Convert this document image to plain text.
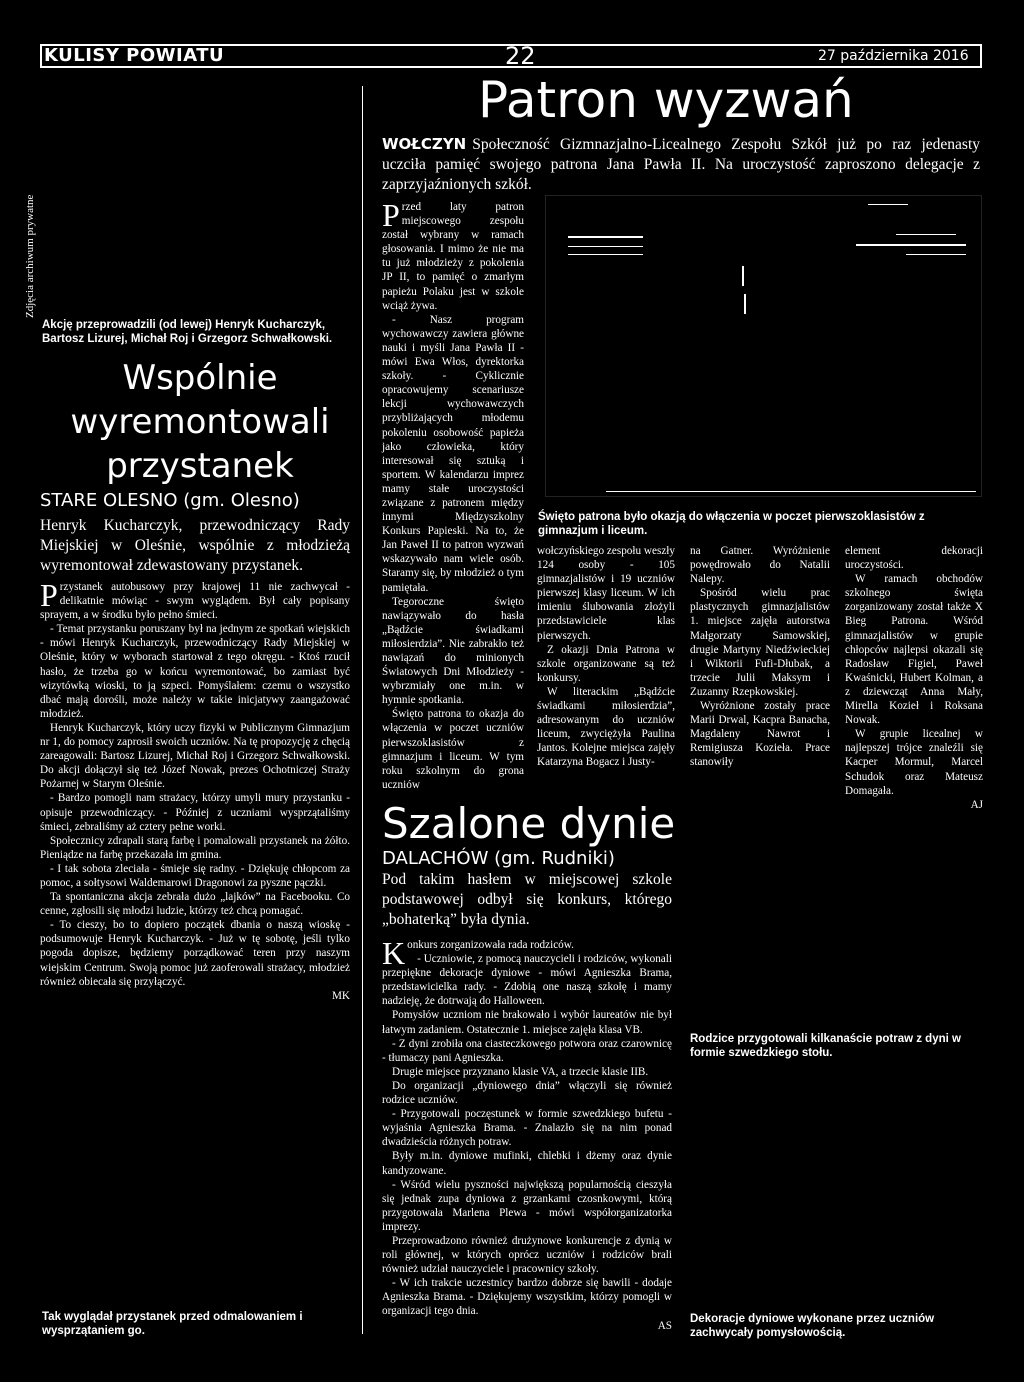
KULISY POWIATU	22	27 października 2016
Zdjęcia archiwum prywatne
Akcję przeprowadzili (od lewej) Henryk Kucharczyk, Bartosz Lizurej, Michał Roj i Grzegorz Schwałkowski.
Wspólnie wyremontowali przystanek
STARE OLESNO (gm. Olesno)
Henryk Kucharczyk, przewodniczący Rady Miejskiej w Oleśnie, wspólnie z młodzieżą wyremontował zdewastowany przystanek.

Przystanek autobusowy przy krajowej 11 nie zachwycał - delikatnie mówiąc - swym wyglądem. Był cały popisany sprayem, a w środku było pełno śmieci.

- Temat przystanku poruszany był na jednym ze spotkań wiejskich - mówi Henryk Kucharczyk, przewodniczący Rady Miejskiej w Oleśnie, który w wyborach startował z tego okręgu. - Ktoś rzucił hasło, że trzeba go w końcu wyremontować, bo zamiast być wizytówką wioski, to ją szpeci. Pomyślałem: czemu o wszystko dbać mają dorośli, może należy w takie inicjatywy zaangażować młodzież.

Henryk Kucharczyk, który uczy fizyki w Publicznym Gimnazjum nr 1, do pomocy zaprosił swoich uczniów. Na tę propozycję z chęcią zareagowali: Bartosz Lizurej, Michał Roj i Grzegorz Schwałkowski. Do akcji dołączył się też Józef Nowak, prezes Ochotniczej Straży Pożarnej w Starym Oleśnie.

- Bardzo pomogli nam strażacy, którzy umyli mury przystanku - opisuje przewodniczący. - Później z uczniami wysprzątaliśmy śmieci, zebraliśmy aż cztery pełne worki.

Społecznicy zdrapali starą farbę i pomalowali przystanek na żółto. Pieniądze na farbę przekazała im gmina.

- I tak sobota zleciała - śmieje się radny. - Dziękuję chłopcom za pomoc, a sołtysowi Waldemarowi Dragonowi za pyszne pączki.

Ta spontaniczna akcja zebrała dużo „lajków” na Facebooku. Co cenne, zgłosili się młodzi ludzie, którzy też chcą pomagać.

- To cieszy, bo to dopiero początek dbania o naszą wioskę - podsumowuje Henryk Kucharczyk. - Już w tę sobotę, jeśli tylko pogoda dopisze, będziemy porządkować teren przy naszym wiejskim Centrum. Swoją pomoc już zaoferowali strażacy, młodzież również obiecała się przyłączyć.

MK
Tak wyglądał przystanek przed odmalowaniem i wysprzątaniem go.
Patron wyzwań
WOŁCZYN Społeczność Gizmnazjalno-Licealnego Zespołu Szkół już po raz jedenasty uczciła pamięć swojego patrona Jana Pawła II. Na uroczystość zaproszono delegacje z zaprzyjaźnionych szkół.
Święto patrona było okazją do włączenia w poczet pierwszoklasistów z gimnazjum i liceum.

Przed laty patron miejscowego zespołu został wybrany w ramach głosowania. I mimo że nie ma tu już młodzieży z pokolenia JP II, to pamięć o zmarłym papieżu Polaku jest w szkole wciąż żywa.

- Nasz program wychowawczy zawiera główne nauki i myśli Jana Pawła II - mówi Ewa Włos, dyrektorka szkoły. - Cyklicznie opracowujemy scenariusze lekcji wychowawczych przybliżających młodemu pokoleniu osobowość papieża jako człowieka, który interesował się sztuką i sportem. W kalendarzu imprez mamy stałe uroczystości związane z patronem między innymi Międzyszkolny Konkurs Papieski. Na to, że Jan Paweł II to patron wyzwań wskazywało nam wiele osób. Staramy się, by młodzież o tym pamiętała.

Tegoroczne święto nawiązywało do hasła „Bądźcie świadkami miłosierdzia”. Nie zabrakło też nawiązań do minionych Światowych Dni Młodzieży - wybrzmiały one m.in. w hymnie spotkania.

Święto patrona to okazja do włączenia w poczet uczniów pierwszoklasistów z gimnazjum i liceum. W tym roku szkolnym do grona uczniów

wołczyńskiego zespołu weszły 124 osoby - 105 gimnazjalistów i 19 uczniów pierwszej klasy liceum. W ich imieniu ślubowania złożyli przedstawiciele klas pierwszych.

Z okazji Dnia Patrona w szkole organizowane są też konkursy.

W literackim „Bądźcie świadkami miłosierdzia”, adresowanym do uczniów liceum, zwyciężyła Paulina Jantos. Kolejne miejsca zajęły Katarzyna Bogacz i Justy-

na Gatner. Wyróżnienie powędrowało do Natalii Nalepy.

Spośród wielu prac plastycznych gimnazjalistów 1. miejsce zajęła autorstwa Małgorzaty Samowskiej, drugie Martyny Niedźwieckiej i Wiktorii Fufi-Dłubak, a trzecie Julii Maksym i Zuzanny Rzepkowskiej.

Wyróżnione zostały prace Marii Drwal, Kacpra Banacha, Magdaleny Nawrot i Remigiusza Kozieła. Prace stanowiły

element dekoracji uroczystości.

W ramach obchodów szkolnego święta zorganizowany został także X Bieg Patrona. Wśród gimnazjalistów w grupie chłopców najlepsi okazali się Radosław Figiel, Paweł Kwaśnicki, Hubert Kolman, a z dziewcząt Anna Mały, Mirella Kozieł i Roksana Nowak.

W grupie licealnej w najlepszej trójce znaleźli się Kacper Mormul, Marcel Schudok oraz Mateusz Domagała.

AJ
Szalone dynie
DALACHÓW (gm. Rudniki)
Pod takim hasłem w miejscowej szkole podstawowej odbył się konkurs, którego „bohaterką” była dynia.

Konkurs zorganizowała rada rodziców.

- Uczniowie, z pomocą nauczycieli i rodziców, wykonali przepiękne dekoracje dyniowe - mówi Agnieszka Brama, przedstawicielka rady. - Zdobią one naszą szkołę i mamy nadzieję, że dotrwają do Halloween.

Pomysłów uczniom nie brakowało i wybór laureatów nie był łatwym zadaniem. Ostatecznie 1. miejsce zajęła klasa VB.

- Z dyni zrobiła ona ciasteczkowego potwora oraz czarownicę - tłumaczy pani Agnieszka.

Drugie miejsce przyznano klasie VA, a trzecie klasie IIB.

Do organizacji „dyniowego dnia” włączyli się również rodzice uczniów.

- Przygotowali poczęstunek w formie szwedzkiego bufetu - wyjaśnia Agnieszka Brama. - Znalazło się na nim ponad dwadzieścia różnych potraw.

Były m.in. dyniowe mufinki, chlebki i dżemy oraz dynie kandyzowane.

- Wśród wielu pyszności największą popularnością cieszyła się jednak zupa dyniowa z grzankami czosnkowymi, którą przygotowała Marlena Plewa - mówi współorganizatorka imprezy.

Przeprowadzono również drużynowe konkurencje z dynią w roli głównej, w których oprócz uczniów i rodziców brali również udział nauczyciele i pracownicy szkoły.

- W ich trakcie uczestnicy bardzo dobrze się bawili - dodaje Agnieszka Brama. - Dziękujemy wszystkim, którzy pomogli w organizacji tego dnia.

AS
Rodzice przygotowali kilkanaście potraw z dyni w formie szwedzkiego stołu.
Dekoracje dyniowe wykonane przez uczniów zachwycały pomysłowością.
